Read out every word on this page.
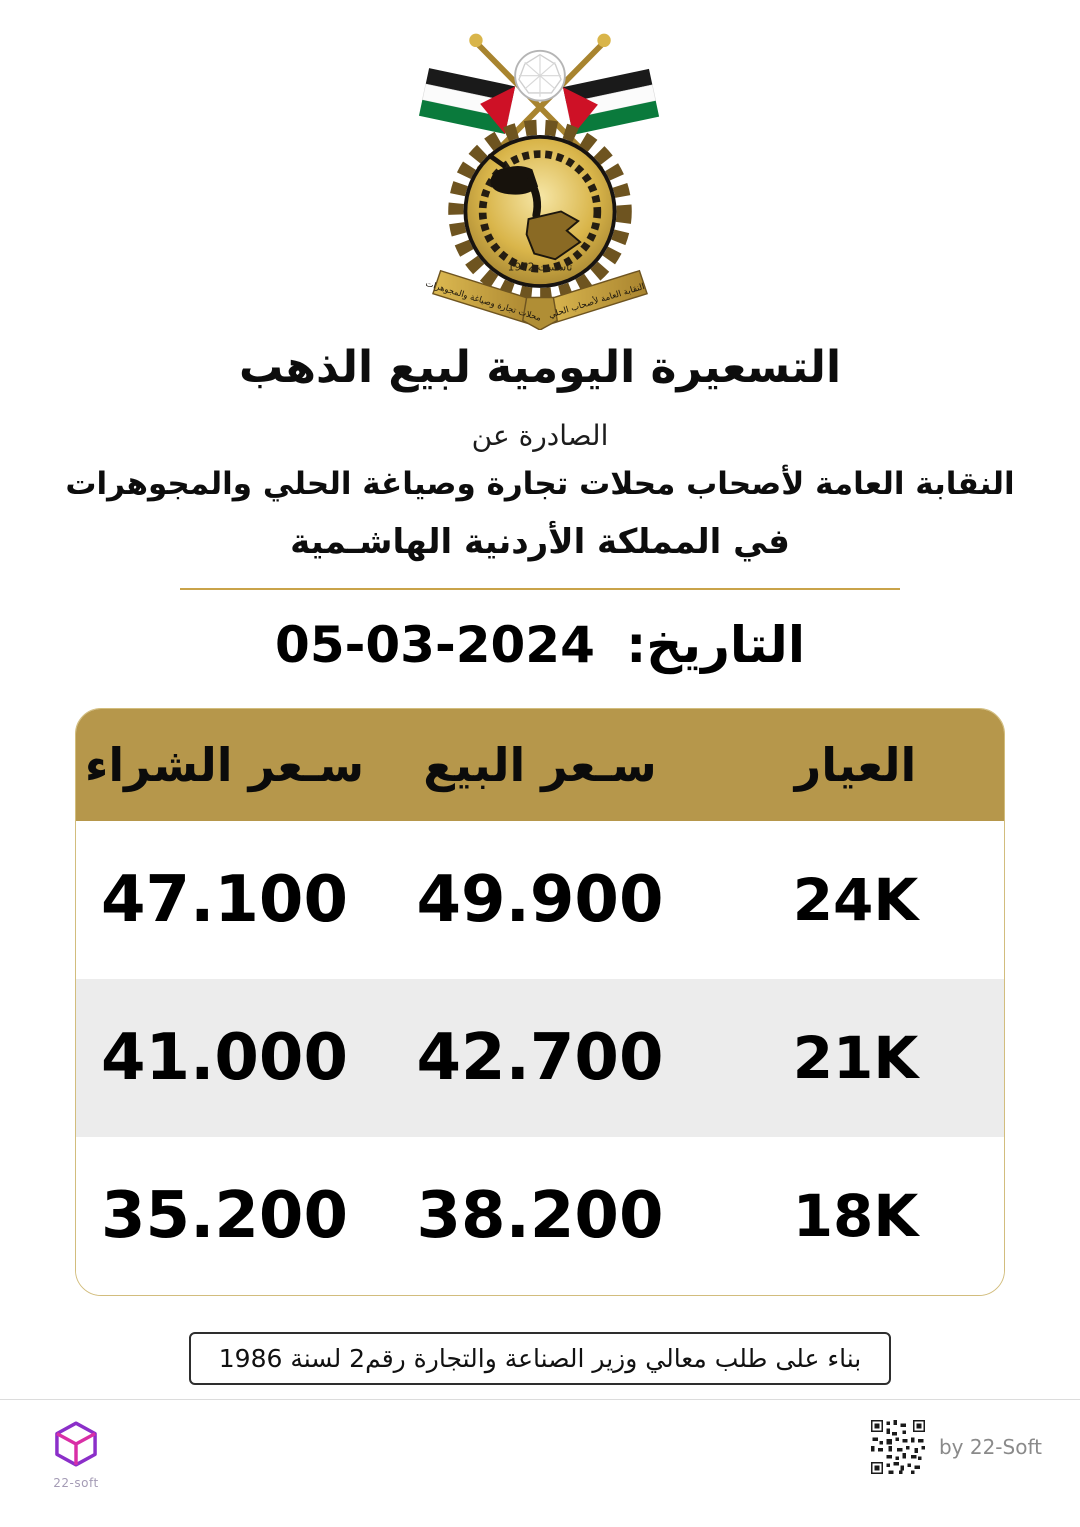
تأسست 1972
محلات تجارة وصياغة والمجوهرات النقابة العامة لأصحاب الحلي
التسعيرة اليومية لبيع الذهب
الصادرة عن
النقابة العامة لأصحاب محلات تجارة وصياغة الحلي والمجوهرات
في المملكة الأردنية الهاشـمية
التاريخ: 05-03-2024
العيار
سـعر البيع
سـعر الشراء
24K
49.900
47.100
21K
42.700
41.000
18K
38.200
35.200
بناء على طلب معالي وزير الصناعة والتجارة رقم2 لسنة 1986
22-soft
by 22-Soft
